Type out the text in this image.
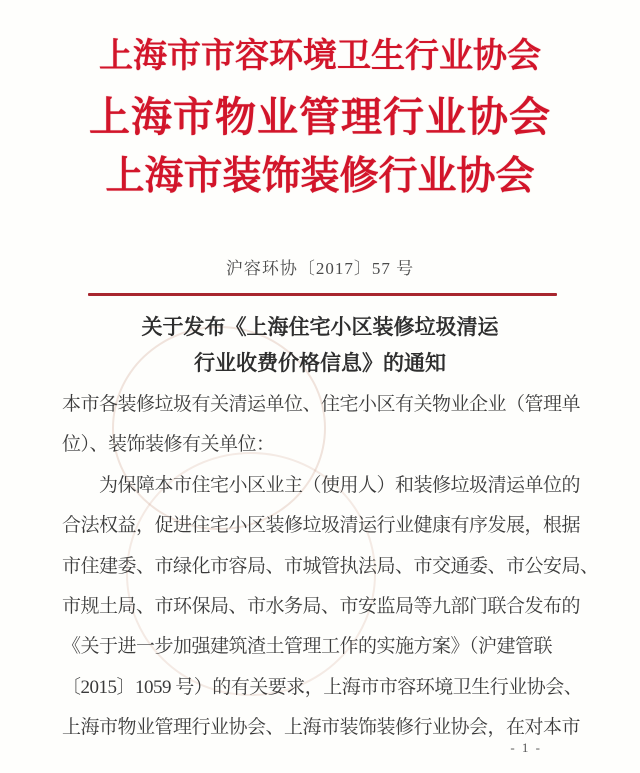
上海市市容环境卫生行业协会
上海市物业管理行业协会
上海市装饰装修行业协会
沪容环协〔2017〕57 号
关于发布《上海住宅小区装修垃圾清运
行业收费价格信息》的通知
本市各装修垃圾有关清运单位、住宅小区有关物业企业（管理单
位）、装饰装修有关单位：
　　为保障本市住宅小区业主（使用人）和装修垃圾清运单位的
合法权益，促进住宅小区装修垃圾清运行业健康有序发展，根据
市住建委、市绿化市容局、市城管执法局、市交通委、市公安局、
市规土局、市环保局、市水务局、市安监局等九部门联合发布的
《关于进一步加强建筑渣土管理工作的实施方案》（沪建管联
〔2015〕1059 号）的有关要求，上海市市容环境卫生行业协会、
上海市物业管理行业协会、上海市装饰装修行业协会，在对本市
- 1 -
